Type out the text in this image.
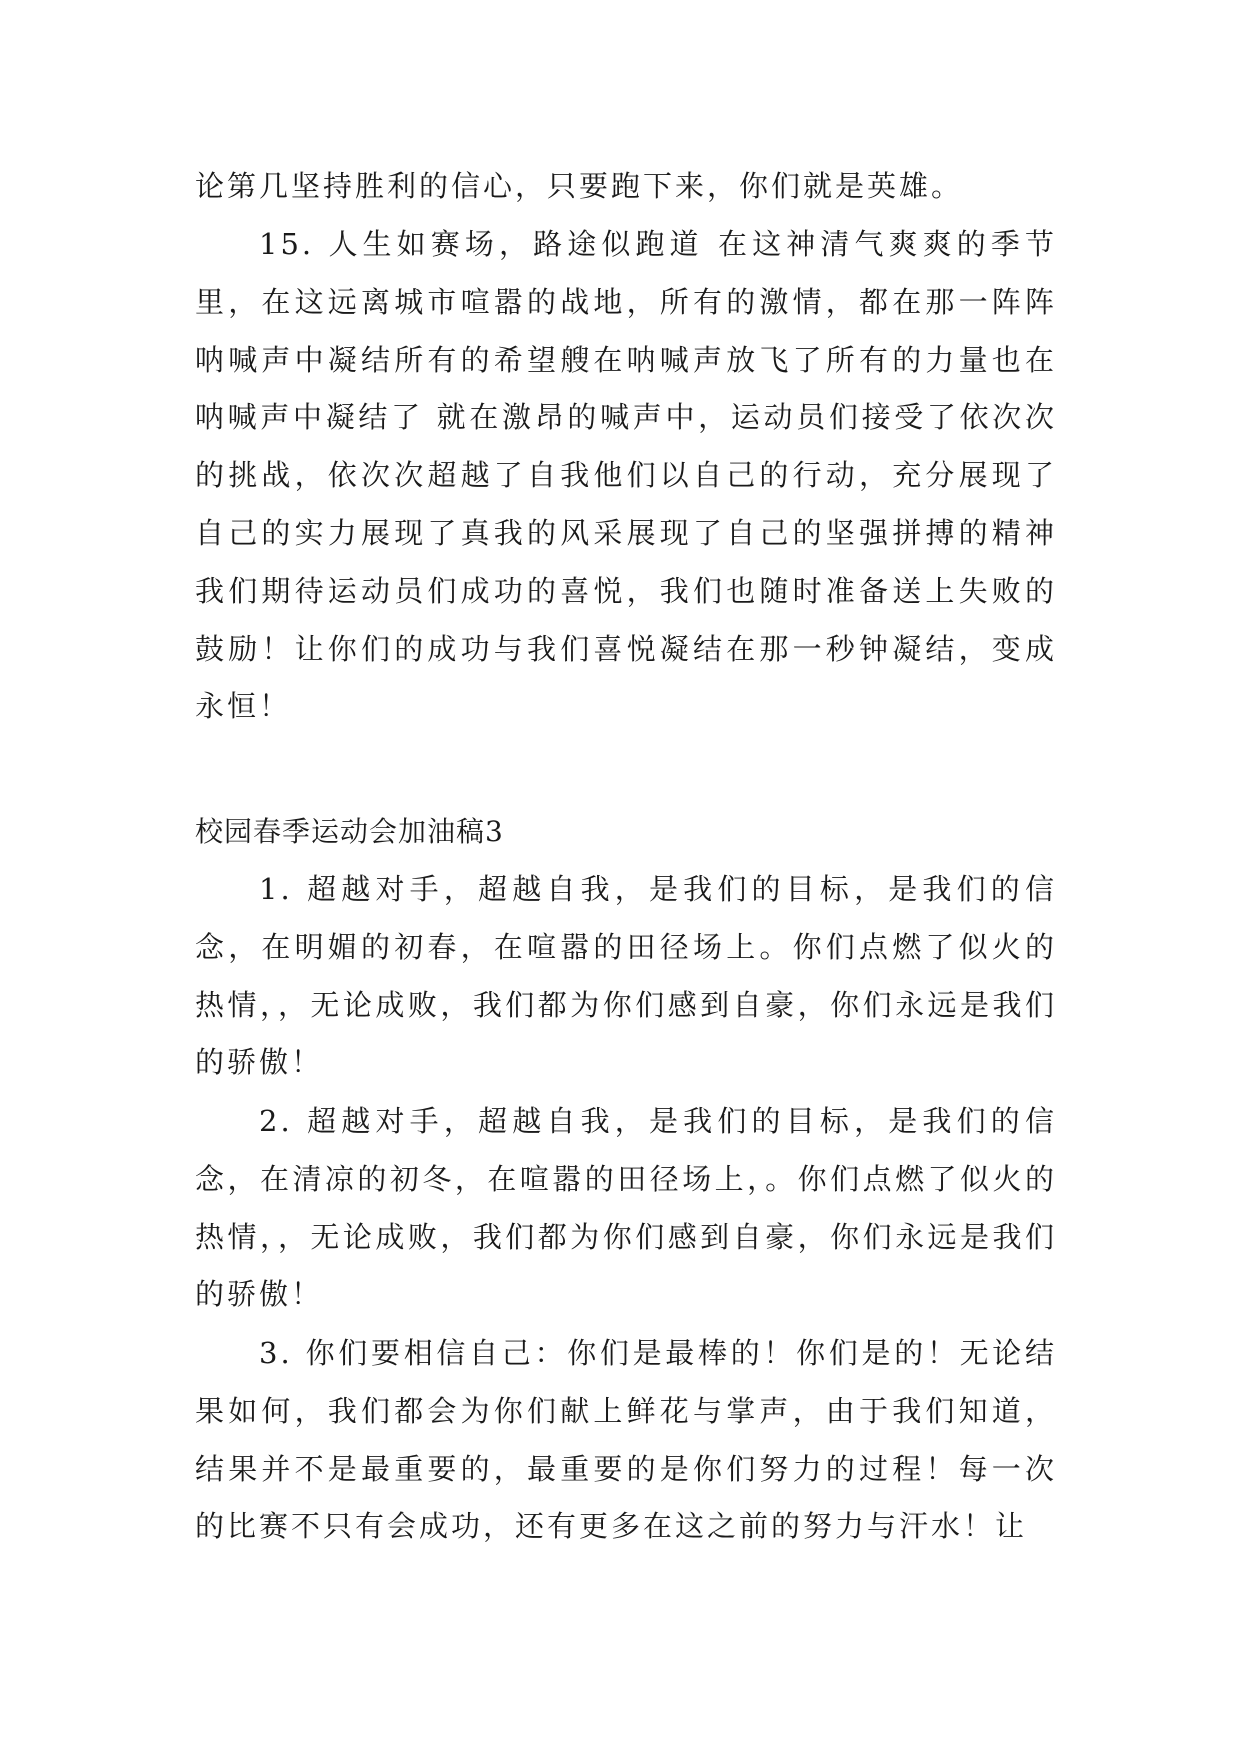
论第几坚持胜利的信心，只要跑下来，你们就是英雄。

15. 人生如赛场，路途似跑道 在这神清气爽爽的季节里，在这远离城市喧嚣的战地，所有的激情，都在那一阵阵呐喊声中凝结所有的希望艘在呐喊声放飞了所有的力量也在呐喊声中凝结了 就在激昂的喊声中，运动员们接受了依次次的挑战，依次次超越了自我他们以自己的行动，充分展现了自己的实力展现了真我的风采展现了自己的坚强拼搏的精神 我们期待运动员们成功的喜悦，我们也随时准备送上失败的鼓励！让你们的成功与我们喜悦凝结在那一秒钟凝结，变成永恒！

校园春季运动会加油稿3

1. 超越对手，超越自我，是我们的目标，是我们的信念，在明媚的初春，在喧嚣的田径场上。你们点燃了似火的热情，，无论成败，我们都为你们感到自豪，你们永远是我们的骄傲！

2. 超越对手，超越自我，是我们的目标，是我们的信念，在清凉的初冬，在喧嚣的田径场上，。你们点燃了似火的热情，，无论成败，我们都为你们感到自豪，你们永远是我们的骄傲！

3. 你们要相信自己：你们是最棒的！你们是的！无论结果如何，我们都会为你们献上鲜花与掌声，由于我们知道，结果并不是最重要的，最重要的是你们努力的过程！每一次的比赛不只有会成功，还有更多在这之前的努力与汗水！让
